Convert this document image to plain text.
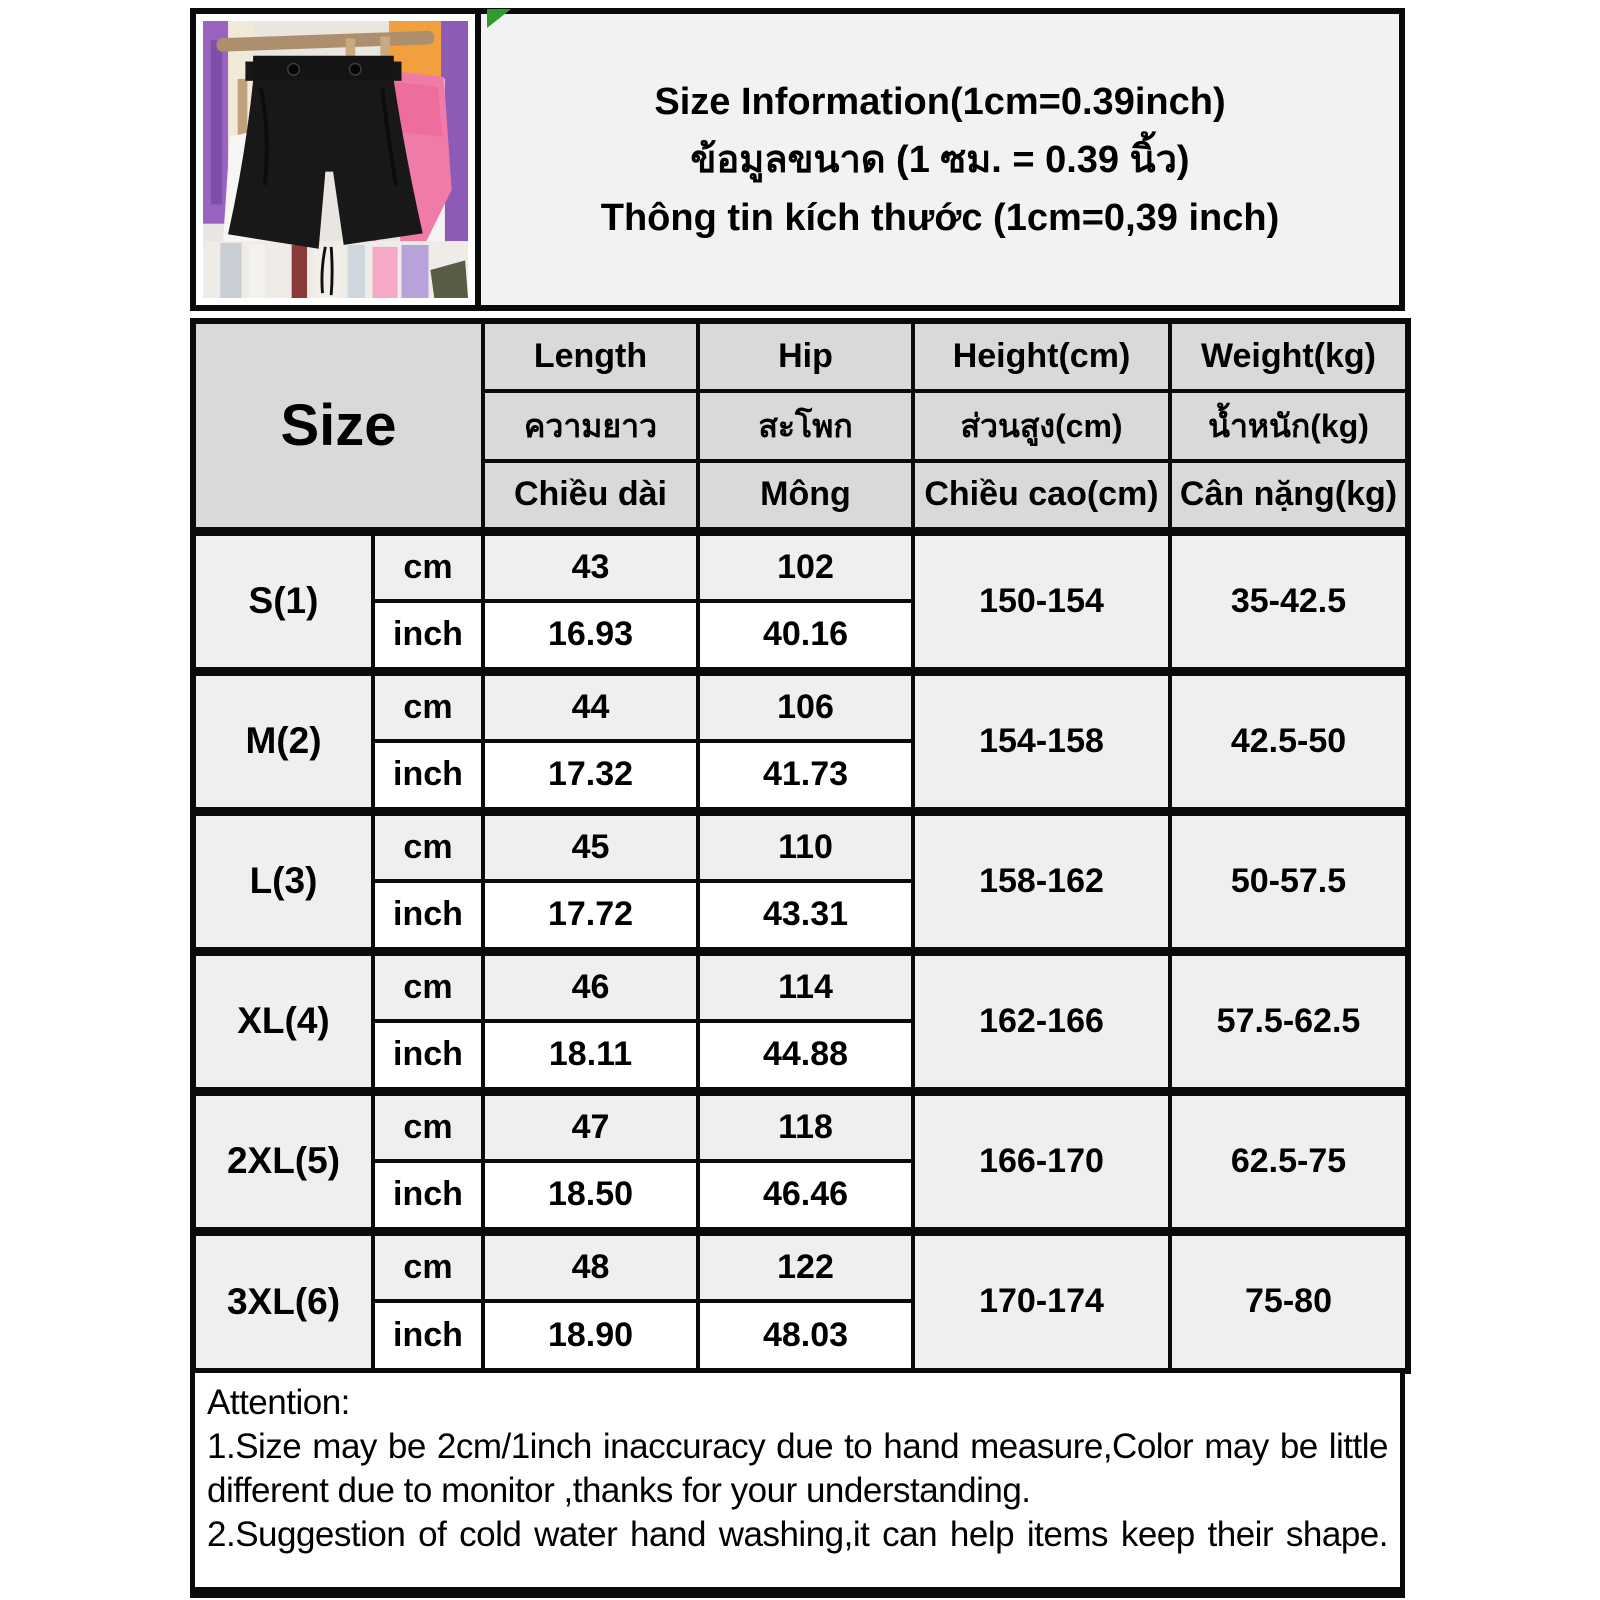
Size Information(1cm=0.39inch)
ข้อมูลขนาด (1 ซม. = 0.39 นิ้ว)
Thông tin kích thước (1cm=0,39 inch)
Size		Length	Hip	Height(cm)	Weight(kg)
		ความยาว	สะโพก	ส่วนสูง(cm)	น้ำหนัก(kg)
		Chiều dài	Mông	Chiều cao(cm)	Cân nặng(kg)
S(1)	cm	43	102	150-154	35-42.5
	inch	16.93	40.16		
M(2)	cm	44	106	154-158	42.5-50
	inch	17.32	41.73		
L(3)	cm	45	110	158-162	50-57.5
	inch	17.72	43.31		
XL(4)	cm	46	114	162-166	57.5-62.5
	inch	18.11	44.88		
2XL(5)	cm	47	118	166-170	62.5-75
	inch	18.50	46.46		
3XL(6)	cm	48	122	170-174	75-80
	inch	18.90	48.03		
Attention:
1.Size may be 2cm/1inch inaccuracy due to hand measure,Color may be little
different due to monitor ,thanks for your understanding.
2.Suggestion of cold water hand washing,it can help items keep their shape.
